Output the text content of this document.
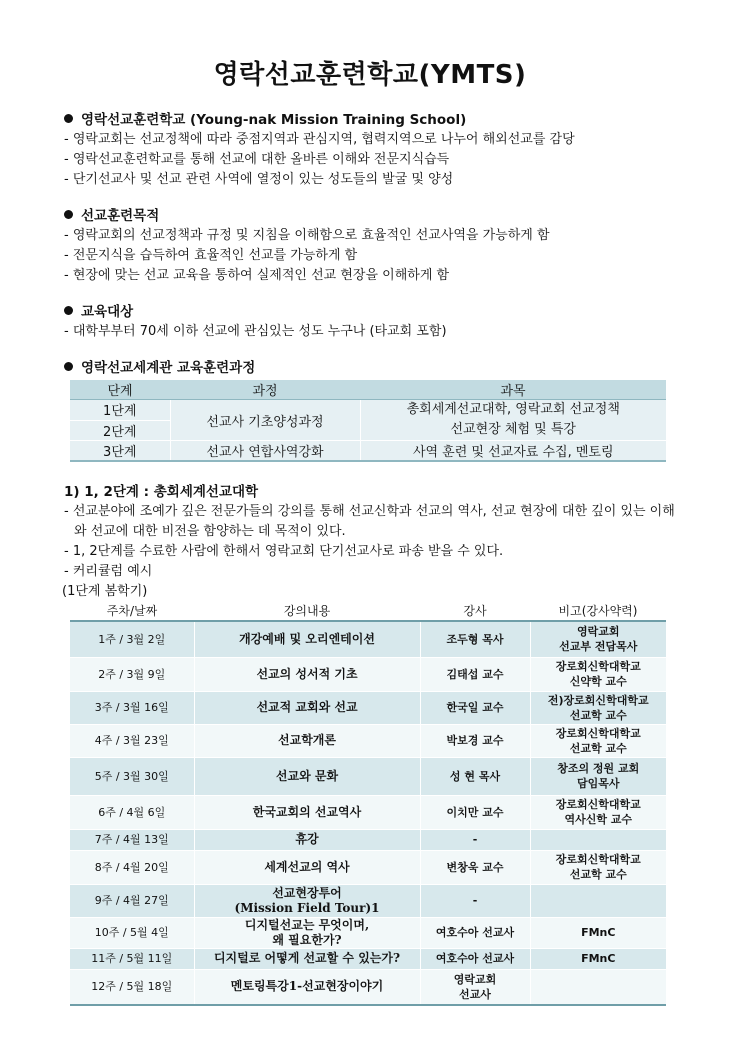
영락선교훈련학교(YMTS)
영락선교훈련학교 (Young-nak Mission Training School)
- 영락교회는 선교정책에 따라 중점지역과 관심지역, 협력지역으로 나누어 해외선교를 감당
- 영락선교훈련학교를 통해 선교에 대한 올바른 이해와 전문지식습득
- 단기선교사 및 선교 관련 사역에 열정이 있는 성도들의 발굴 및 양성
선교훈련목적
- 영락교회의 선교정책과 규정 및 지침을 이해함으로 효율적인 선교사역을 가능하게 함
- 전문지식을 습득하여 효율적인 선교를 가능하게 함
- 현장에 맞는 선교 교육을 통하여 실제적인 선교 현장을 이해하게 함
교육대상
- 대학부부터 70세 이하 선교에 관심있는 성도 누구나 (타교회 포함)
영락선교세계관 교육훈련과정
단계	과정	과목
1단계	선교사 기초양성과정	총회세계선교대학, 영락교회 선교정책
선교현장 체험 및 특강

2단계		
3단계	선교사 연합사역강화	사역 훈련 및 선교자료 수집, 멘토링
1) 1, 2단계 : 총회세계선교대학
- 선교분야에 조예가 깊은 전문가들의 강의를 통해 선교신학과 선교의 역사, 선교 현장에 대한 깊이 있는 이해와 선교에 대한 비전을 함양하는 데 목적이 있다.
- 1, 2단계를 수료한 사람에 한해서 영락교회 단기선교사로 파송 받을 수 있다.
- 커리큘럼 예시
(1단계 봄학기)
주차/날짜	강의내용	강사	비고(강사약력)
1주 / 3월 2일	개강예배 및 오리엔테이션	조두형 목사	영락교회
선교부 전담목사

2주 / 3월 9일	선교의 성서적 기초	김태섭 교수	장로회신학대학교
신약학 교수

3주 / 3월 16일	선교적 교회와 선교	한국일 교수	전)장로회신학대학교
선교학 교수

4주 / 3월 23일	선교학개론	박보경 교수	장로회신학대학교
선교학 교수

5주 / 3월 30일	선교와 문화	성 현 목사	창조의 정원 교회
담임목사

6주 / 4월 6일	한국교회의 선교역사	이치만 교수	장로회신학대학교
역사신학 교수

7주 / 4월 13일	휴강	-	
8주 / 4월 20일	세계선교의 역사	변창욱 교수	장로회신학대학교
선교학 교수

9주 / 4월 27일	선교현장투어
(Mission Field Tour)1	-	
10주 / 5월 4일	디지털선교는 무엇이며,
왜 필요한가?	여호수아 선교사	FMnC
11주 / 5월 11일	디지털로 어떻게 선교할 수 있는가?	여호수아 선교사	FMnC
12주 / 5월 18일	멘토링특강1-선교현장이야기	영락교회
선교사	
